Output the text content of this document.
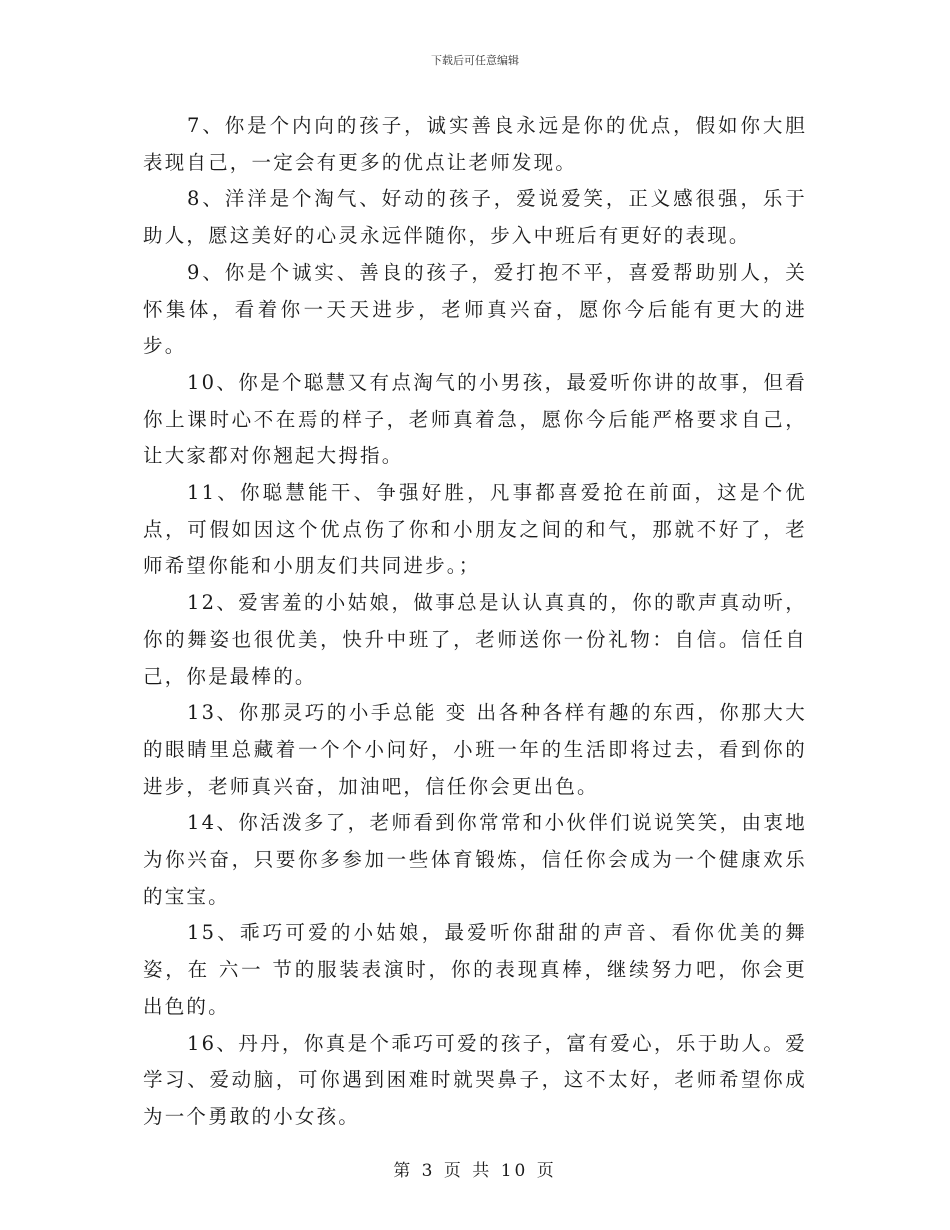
下载后可任意编辑

7、你是个内向的孩子，诚实善良永远是你的优点，假如你大胆表现自己，一定会有更多的优点让老师发现。

8、洋洋是个淘气、好动的孩子，爱说爱笑，正义感很强，乐于助人，愿这美好的心灵永远伴随你，步入中班后有更好的表现。

9、你是个诚实、善良的孩子，爱打抱不平，喜爱帮助别人，关怀集体，看着你一天天进步，老师真兴奋，愿你今后能有更大的进步。

10、你是个聪慧又有点淘气的小男孩，最爱听你讲的故事，但看你上课时心不在焉的样子，老师真着急，愿你今后能严格要求自己，让大家都对你翘起大拇指。

11、你聪慧能干、争强好胜，凡事都喜爱抢在前面，这是个优点，可假如因这个优点伤了你和小朋友之间的和气，那就不好了，老师希望你能和小朋友们共同进步。；

12、爱害羞的小姑娘，做事总是认认真真的，你的歌声真动听，你的舞姿也很优美，快升中班了，老师送你一份礼物：自信。信任自己，你是最棒的。

13、你那灵巧的小手总能 变 出各种各样有趣的东西，你那大大的眼睛里总藏着一个个小问好，小班一年的生活即将过去，看到你的进步，老师真兴奋，加油吧，信任你会更出色。

14、你活泼多了，老师看到你常常和小伙伴们说说笑笑，由衷地为你兴奋，只要你多参加一些体育锻炼，信任你会成为一个健康欢乐的宝宝。

15、乖巧可爱的小姑娘，最爱听你甜甜的声音、看你优美的舞姿，在 六一 节的服装表演时，你的表现真棒，继续努力吧，你会更出色的。

16、丹丹，你真是个乖巧可爱的孩子，富有爱心，乐于助人。爱学习、爱动脑，可你遇到困难时就哭鼻子，这不太好，老师希望你成为一个勇敢的小女孩。

第 3 页 共 10 页
